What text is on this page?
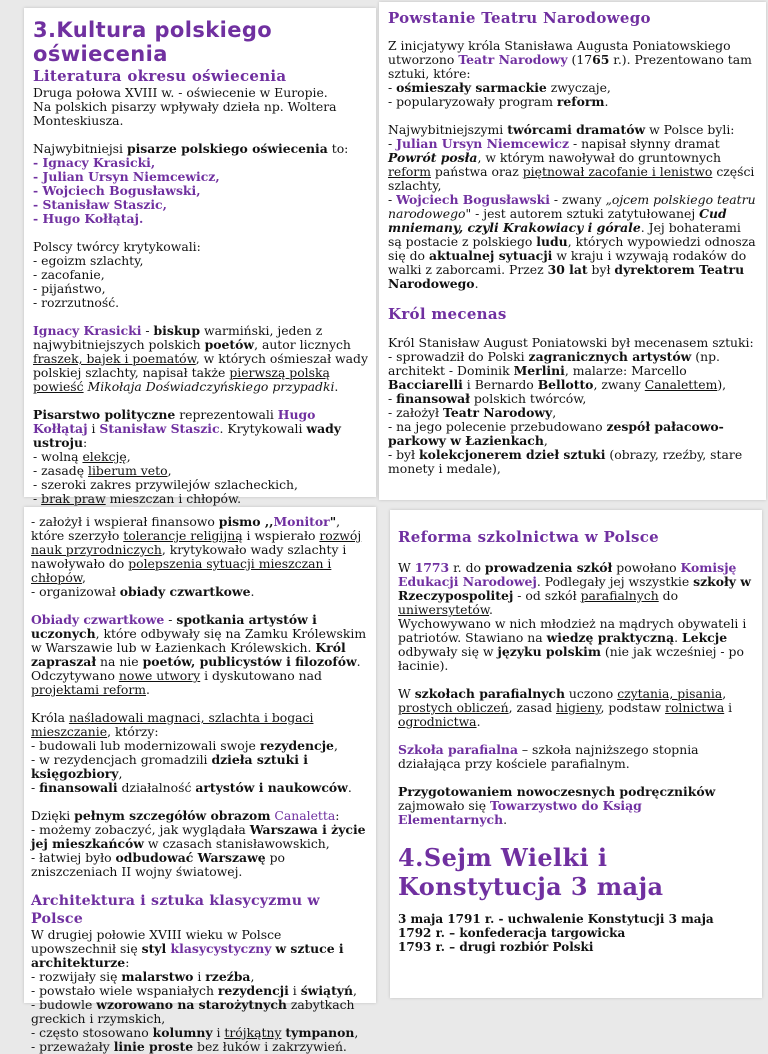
3.Kultura polskiego oświecenia
Literatura okresu oświecenia
Druga połowa XVIII w. - oświecenie w Europie.
Na polskich pisarzy wpływały dzieła np. Woltera Monteskiusza.
Najwybitniejsi pisarze polskiego oświecenia to:
- Ignacy Krasicki,
- Julian Ursyn Niemcewicz,
- Wojciech Bogusławski,
- Stanisław Staszic,
- Hugo Kołłątaj.
Polscy twórcy krytykowali:
- egoizm szlachty,
- zacofanie,
- pijaństwo,
- rozrzutność.
Ignacy Krasicki - biskup warmiński, jeden z najwybitniejszych polskich poetów, autor licznych fraszek, bajek i poematów, w których ośmieszał wady polskiej szlachty, napisał także pierwszą polską powieść Mikołaja Doświadczyńskiego przypadki.
Pisarstwo polityczne reprezentowali Hugo Kołłątaj i Stanisław Staszic. Krytykowali wady ustroju:
- wolną elekcję,
- zasadę liberum veto,
- szeroki zakres przywilejów szlacheckich,
- brak praw mieszczan i chłopów.
Powstanie Teatru Narodowego
Z inicjatywy króla Stanisława Augusta Poniatowskiego utworzono Teatr Narodowy (1765 r.). Prezentowano tam sztuki, które:
- ośmieszały sarmackie zwyczaje,
- popularyzowały program reform.
Najwybitniejszymi twórcami dramatów w Polsce byli:
- Julian Ursyn Niemcewicz - napisał słynny dramat Powrót posła, w którym nawoływał do gruntownych reform państwa oraz piętnował zacofanie i lenistwo części szlachty,
- Wojciech Bogusławski - zwany „ojcem polskiego teatru narodowego" - jest autorem sztuki zatytułowanej Cud mniemany, czyli Krakowiacy i górale. Jej bohaterami są postacie z polskiego ludu, których wypowiedzi odnosza się do aktualnej sytuacji w kraju i wzywają rodaków do walki z zaborcami. Przez 30 lat był dyrektorem Teatru Narodowego.
Król mecenas
Król Stanisław August Poniatowski był mecenasem sztuki:
- sprowadził do Polski zagranicznych artystów (np. architekt - Dominik Merlini, malarze: Marcello Bacciarelli i Bernardo Bellotto, zwany Canalettem),
- finansował polskich twórców,
- założył Teatr Narodowy,
- na jego polecenie przebudowano zespół pałacowo-parkowy w Łazienkach,
- był kolekcjonerem dzieł sztuki (obrazy, rzeźby, stare monety i medale),
- założył i wspierał finansowo pismo ,,Monitor", które szerzyło tolerancje religijną i wspierało rozwój nauk przyrodniczych, krytykowało wady szlachty i nawoływało do polepszenia sytuacji mieszczan i chłopów,
- organizował obiady czwartkowe.
Obiady czwartkowe - spotkania artystów i uczonych, które odbywały się na Zamku Królewskim w Warszawie lub w Łazienkach Królewskich. Król zapraszał na nie poetów, publicystów i filozofów. Odczytywano nowe utwory i dyskutowano nad projektami reform.
Króla naśladowali magnaci, szlachta i bogaci mieszczanie, którzy:
- budowali lub modernizowali swoje rezydencje,
- w rezydencjach gromadzili dzieła sztuki i księgozbiory,
- finansowali działalność artystów i naukowców.
Dzięki pełnym szczegółów obrazom Canaletta:
- możemy zobaczyć, jak wyglądała Warszawa i życie jej mieszkańców w czasach stanisławowskich,
- łatwiej było odbudować Warszawę po zniszczeniach II wojny światowej.
Architektura i sztuka klasycyzmu w Polsce
W drugiej połowie XVIII wieku w Polsce upowszechnił się styl klasycystyczny w sztuce i architekturze:
- rozwijały się malarstwo i rzeźba,
- powstało wiele wspaniałych rezydencji i świątyń,
- budowle wzorowano na starożytnych zabytkach greckich i rzymskich,
- często stosowano kolumny i trójkątny tympanon,
- przeważały linie proste bez łuków i zakrzywień.
Reforma szkolnictwa w Polsce
W 1773 r. do prowadzenia szkół powołano Komisję Edukacji Narodowej. Podlegały jej wszystkie szkoły w Rzeczypospolitej - od szkół parafialnych do uniwersytetów.
Wychowywano w nich młodzież na mądrych obywateli i patriotów. Stawiano na wiedzę praktyczną. Lekcje odbywały się w języku polskim (nie jak wcześniej - po łacinie).
W szkołach parafialnych uczono czytania, pisania, prostych obliczeń, zasad higieny, podstaw rolnictwa i ogrodnictwa.
Szkoła parafialna – szkoła najniższego stopnia działająca przy kościele parafialnym.
Przygotowaniem nowoczesnych podręczników zajmowało się Towarzystwo do Ksiąg Elementarnych.
4.Sejm Wielki i Konstytucja 3 maja
3 maja 1791 r. - uchwalenie Konstytucji 3 maja
1792 r. – konfederacja targowicka
1793 r. – drugi rozbiór Polski
